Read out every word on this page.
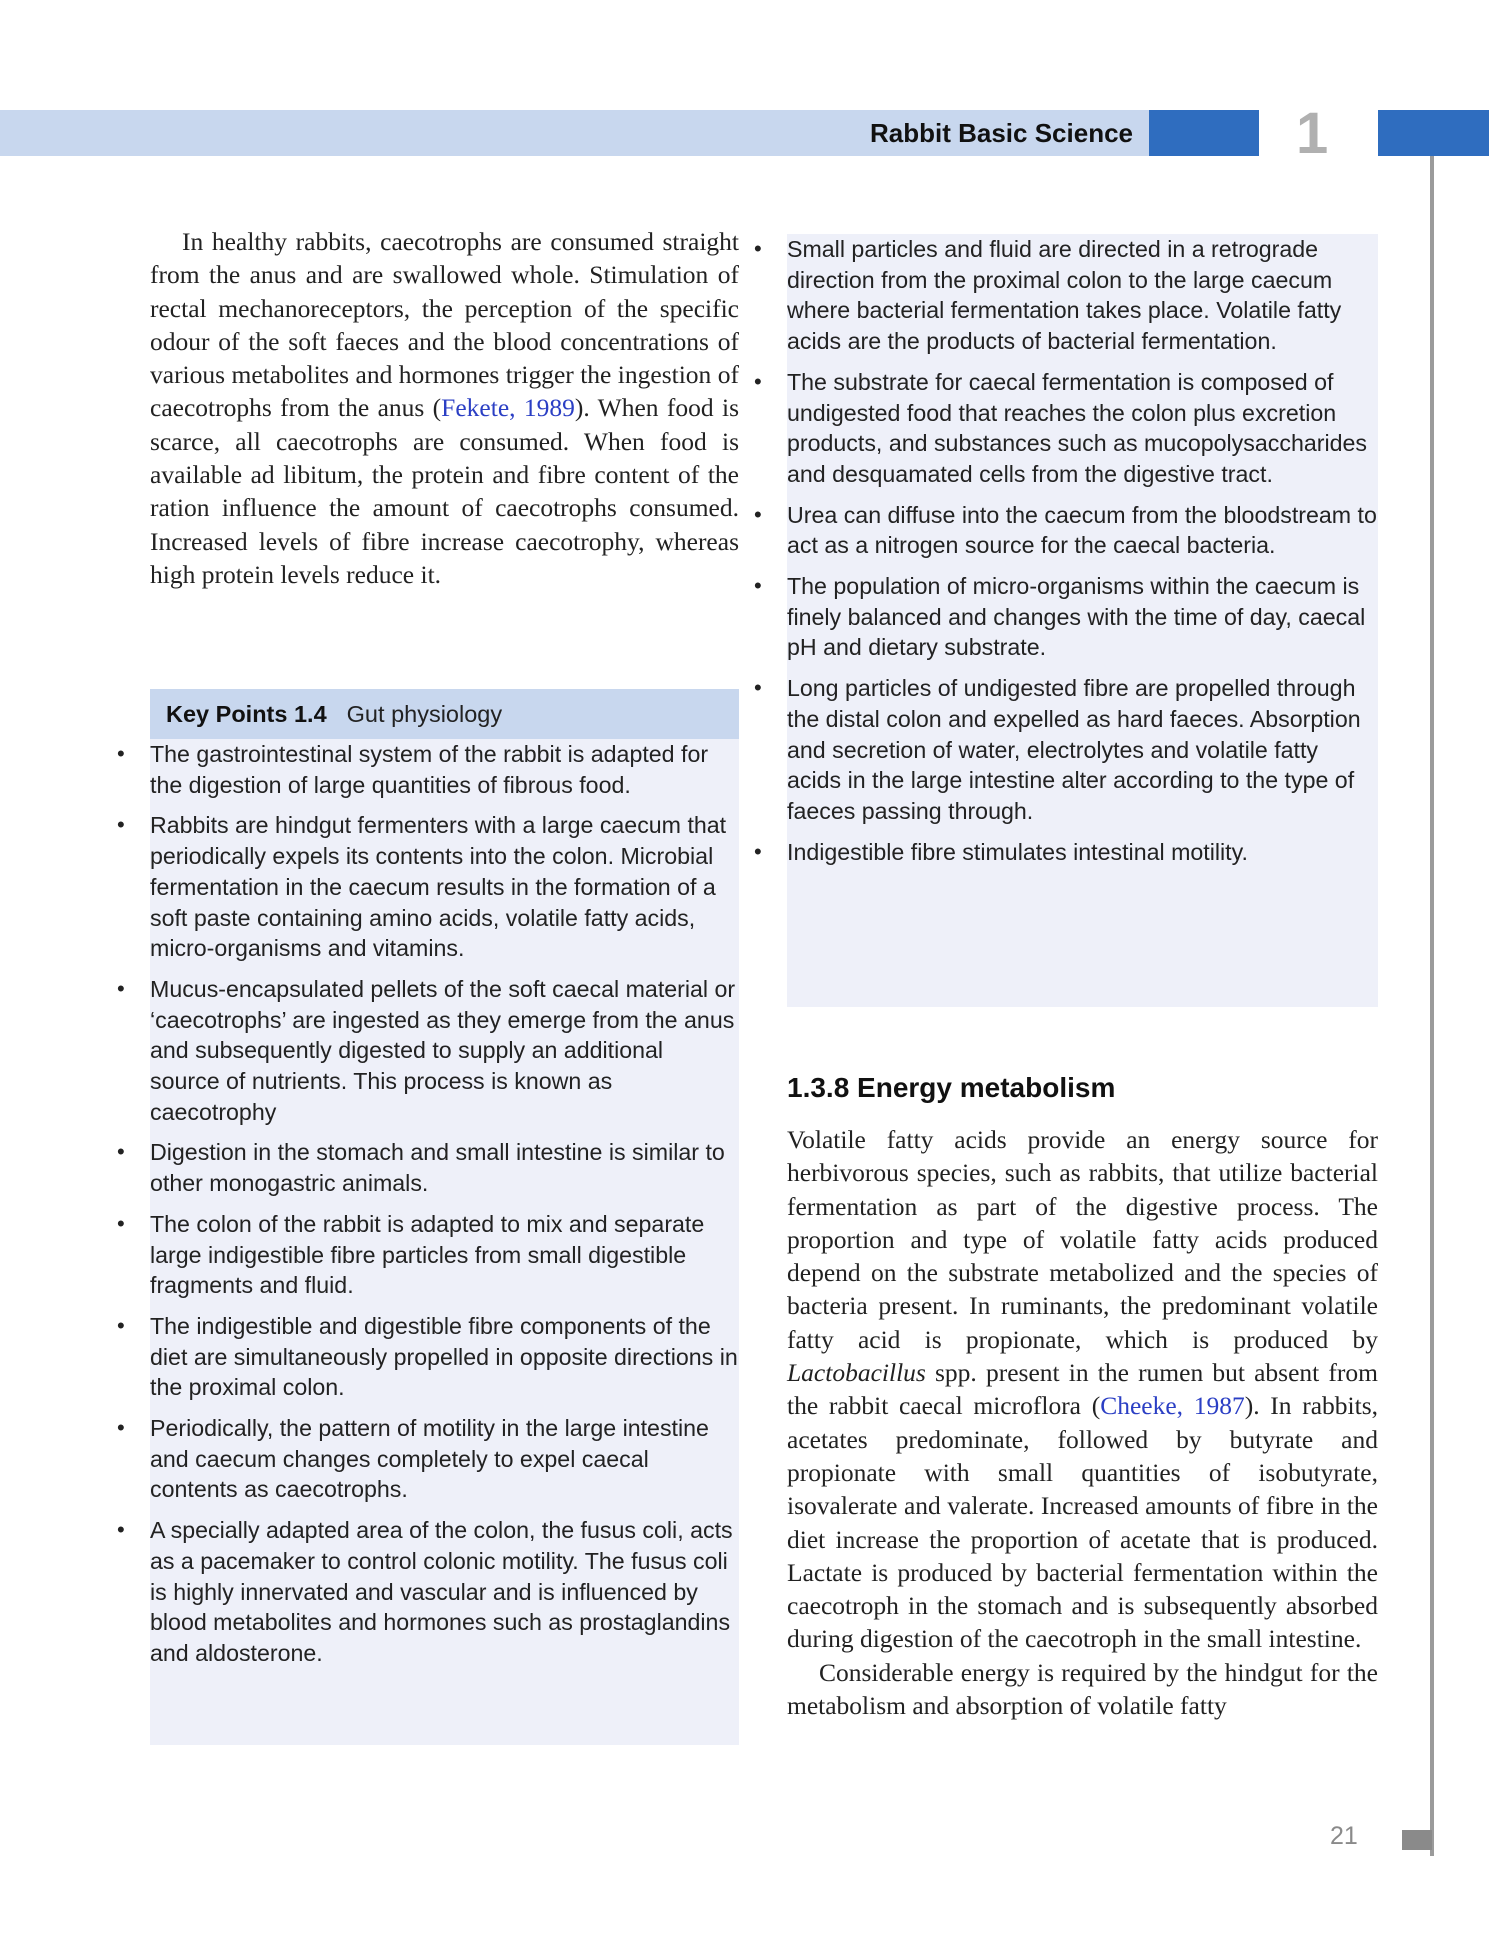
Rabbit Basic Science	1

In healthy rabbits, caecotrophs are consumed straight from the anus and are swallowed whole. Stimulation of rectal mechanoreceptors, the perception of the specific odour of the soft faeces and the blood concentrations of various metabolites and hormones trigger the ingestion of caecotrophs from the anus (Fekete, 1989). When food is scarce, all caecotrophs are consumed. When food is available ad libitum, the protein and fibre content of the ration influence the amount of caecotrophs consumed. Increased levels of fibre increase caecotrophy, whereas high protein levels reduce it.

Key Points 1.4 Gut physiology
• The gastrointestinal system of the rabbit is adapted for the digestion of large quantities of fibrous food.
• Rabbits are hindgut fermenters with a large caecum that periodically expels its contents into the colon. Microbial fermentation in the caecum results in the formation of a soft paste containing amino acids, volatile fatty acids, micro-organisms and vitamins.
• Mucus-encapsulated pellets of the soft caecal material or ‘caecotrophs’ are ingested as they emerge from the anus and subsequently digested to supply an additional source of nutrients. This process is known as caecotrophy
• Digestion in the stomach and small intestine is similar to other monogastric animals.
• The colon of the rabbit is adapted to mix and separate large indigestible fibre particles from small digestible fragments and fluid.
• The indigestible and digestible fibre components of the diet are simultaneously propelled in opposite directions in the proximal colon.
• Periodically, the pattern of motility in the large intestine and caecum changes completely to expel caecal contents as caecotrophs.
• A specially adapted area of the colon, the fusus coli, acts as a pacemaker to control colonic motility. The fusus coli is highly innervated and vascular and is influenced by blood metabolites and hormones such as prostaglandins and aldosterone.
• Small particles and fluid are directed in a retrograde direction from the proximal colon to the large caecum where bacterial fermentation takes place. Volatile fatty acids are the products of bacterial fermentation.
• The substrate for caecal fermentation is composed of undigested food that reaches the colon plus excretion products, and substances such as mucopolysaccharides and desquamated cells from the digestive tract.
• Urea can diffuse into the caecum from the bloodstream to act as a nitrogen source for the caecal bacteria.
• The population of micro-organisms within the caecum is finely balanced and changes with the time of day, caecal pH and dietary substrate.
• Long particles of undigested fibre are propelled through the distal colon and expelled as hard faeces. Absorption and secretion of water, electrolytes and volatile fatty acids in the large intestine alter according to the type of faeces passing through.
• Indigestible fibre stimulates intestinal motility.
1.3.8 Energy metabolism

Volatile fatty acids provide an energy source for herbivorous species, such as rabbits, that utilize bacterial fermentation as part of the digestive process. The proportion and type of volatile fatty acids produced depend on the substrate metabolized and the species of bacteria present. In ruminants, the predominant volatile fatty acid is propionate, which is produced by Lactobacillus spp. present in the rumen but absent from the rabbit caecal microflora (Cheeke, 1987). In rabbits, acetates predominate, followed by butyrate and propionate with small quantities of isobutyrate, isovalerate and valerate. Increased amounts of fibre in the diet increase the proportion of acetate that is produced. Lactate is produced by bacterial fermentation within the caecotroph in the stomach and is subsequently absorbed during digestion of the caecotroph in the small intestine.

Considerable energy is required by the hindgut for the metabolism and absorption of volatile fatty

21
